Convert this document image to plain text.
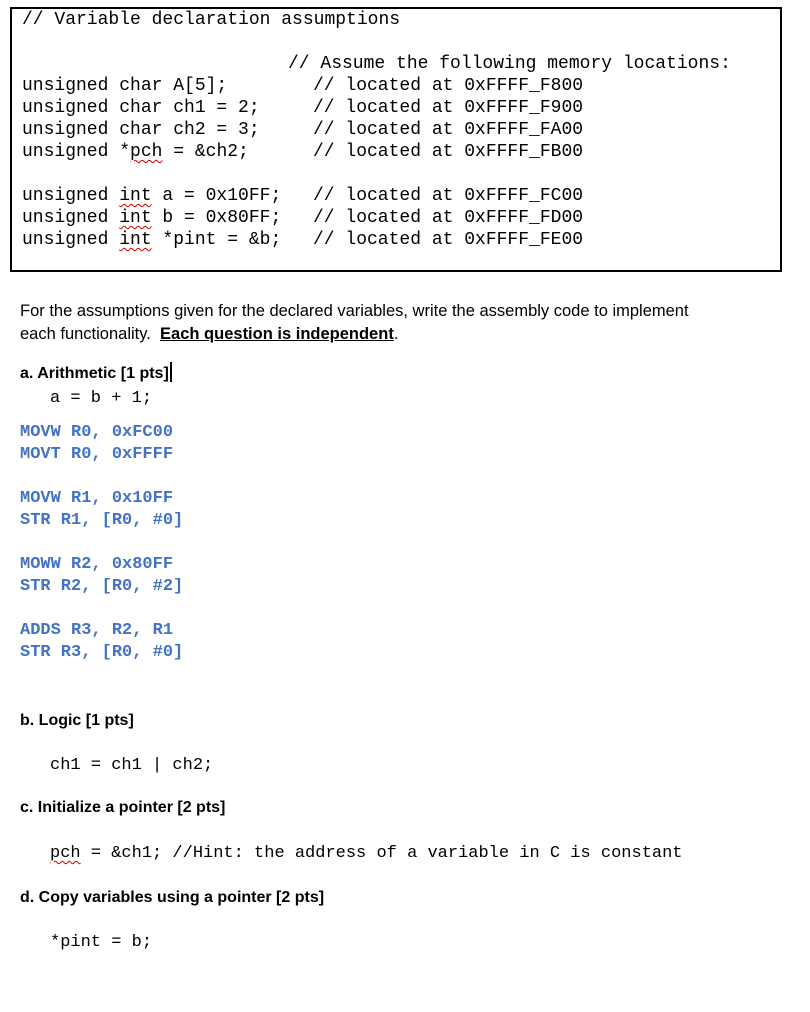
// Variable declaration assumptions
// Assume the following memory locations:
unsigned char A[5];	// located at 0xFFFF_F800
unsigned char ch1 = 2;	// located at 0xFFFF_F900
unsigned char ch2 = 3;	// located at 0xFFFF_FA00
unsigned *pch = &ch2;	// located at 0xFFFF_FB00
unsigned int a = 0x10FF; // located at 0xFFFF_FC00
unsigned int b = 0x80FF; // located at 0xFFFF_FD00
unsigned int *pint = &b; // located at 0xFFFF_FE00
For the assumptions given for the declared variables, write the assembly code to implement
each functionality. Each question is independent.
a. Arithmetic [1 pts]
a = b + 1;
MOVW R0, 0xFC00
MOVT R0, 0xFFFF
MOVW R1, 0x10FF
STR R1, [R0, #0]
MOWW R2, 0x80FF
STR R2, [R0, #2]
ADDS R3, R2, R1
STR R3, [R0, #0]
b. Logic [1 pts]
ch1 = ch1 | ch2;
c. Initialize a pointer [2 pts]
pch = &ch1; //Hint: the address of a variable in C is constant
d. Copy variables using a pointer [2 pts]
*pint = b;
